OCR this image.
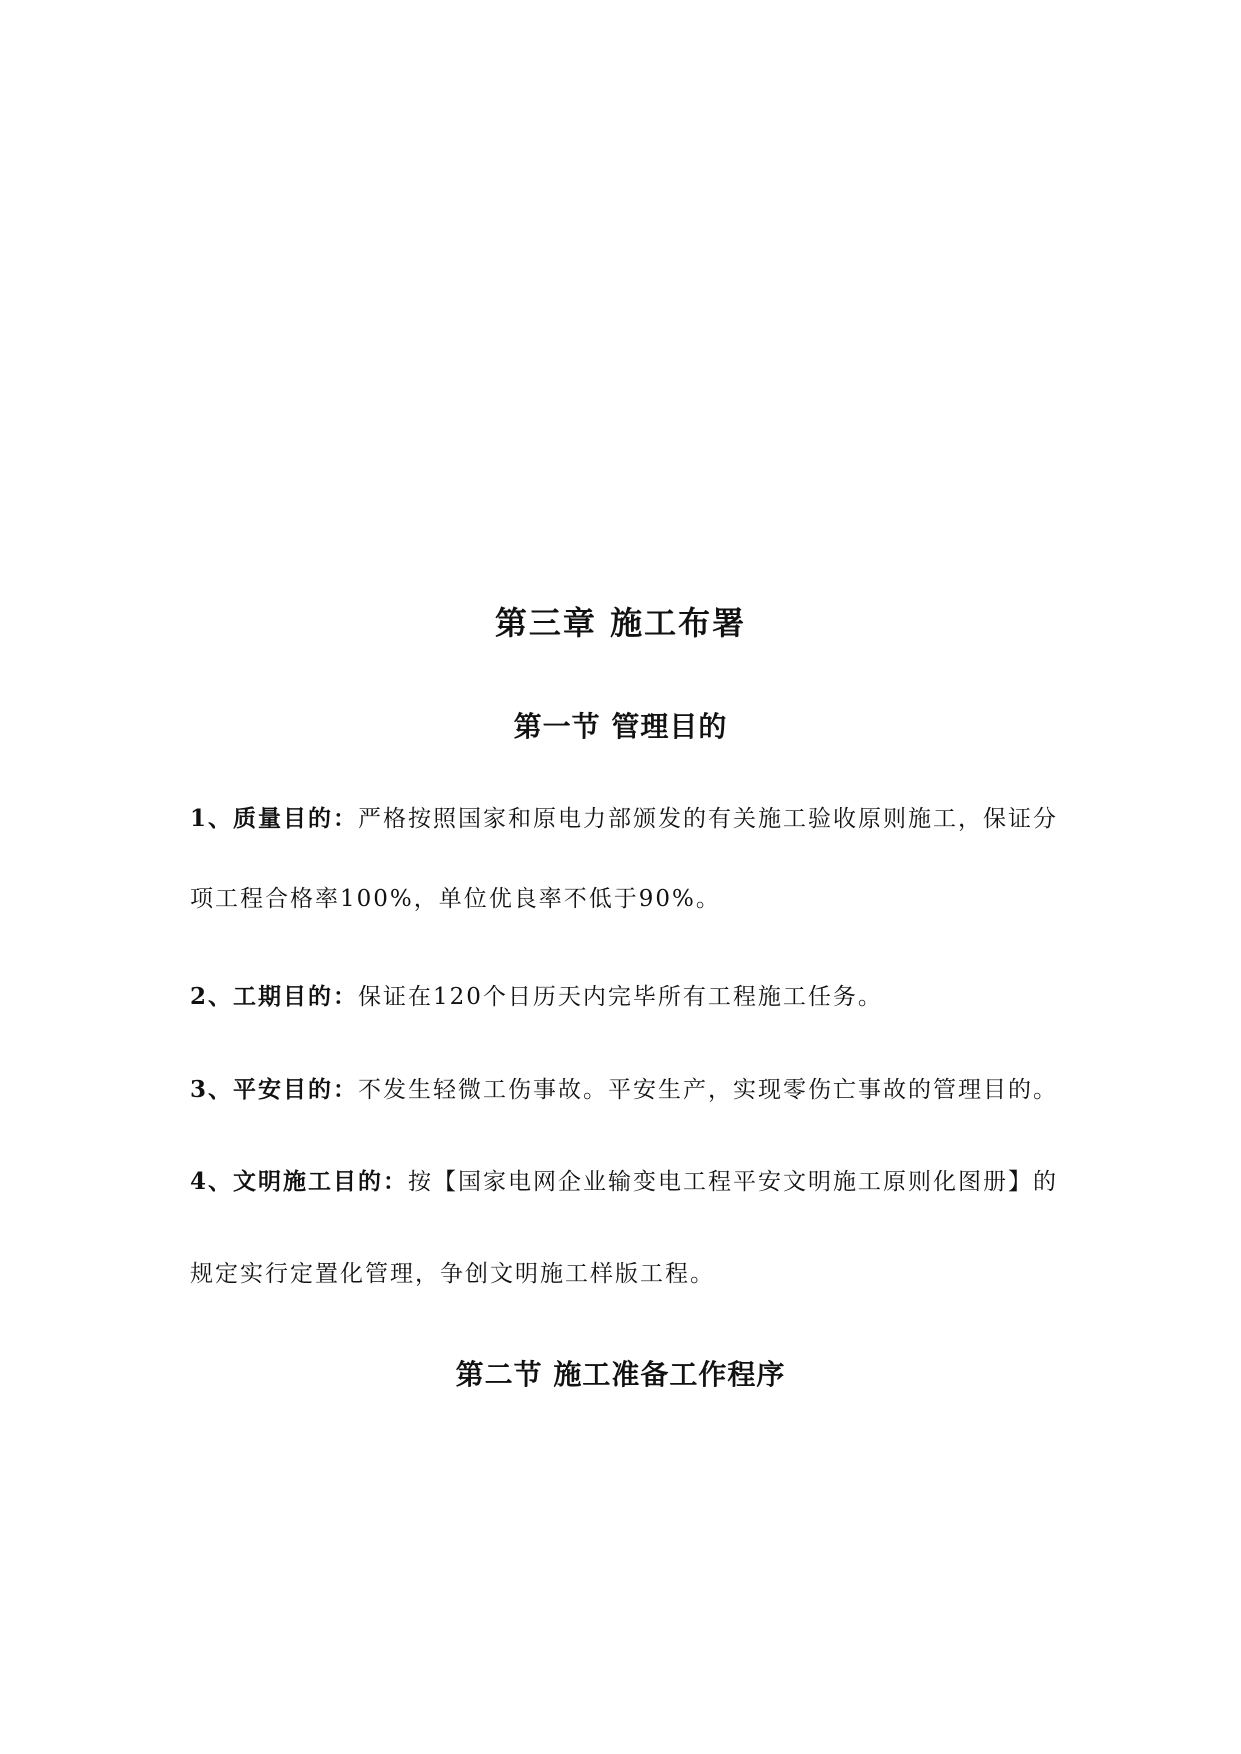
第三章 施工布署
第一节 管理目的
1、质量目的：严格按照国家和原电力部颁发的有关施工验收原则施工，保证分
项工程合格率100%，单位优良率不低于90%。
2、工期目的：保证在120个日历天内完毕所有工程施工任务。
3、平安目的：不发生轻微工伤事故。平安生产，实现零伤亡事故的管理目的。
4、文明施工目的：按【国家电网企业输变电工程平安文明施工原则化图册】的
规定实行定置化管理，争创文明施工样版工程。
第二节 施工准备工作程序
